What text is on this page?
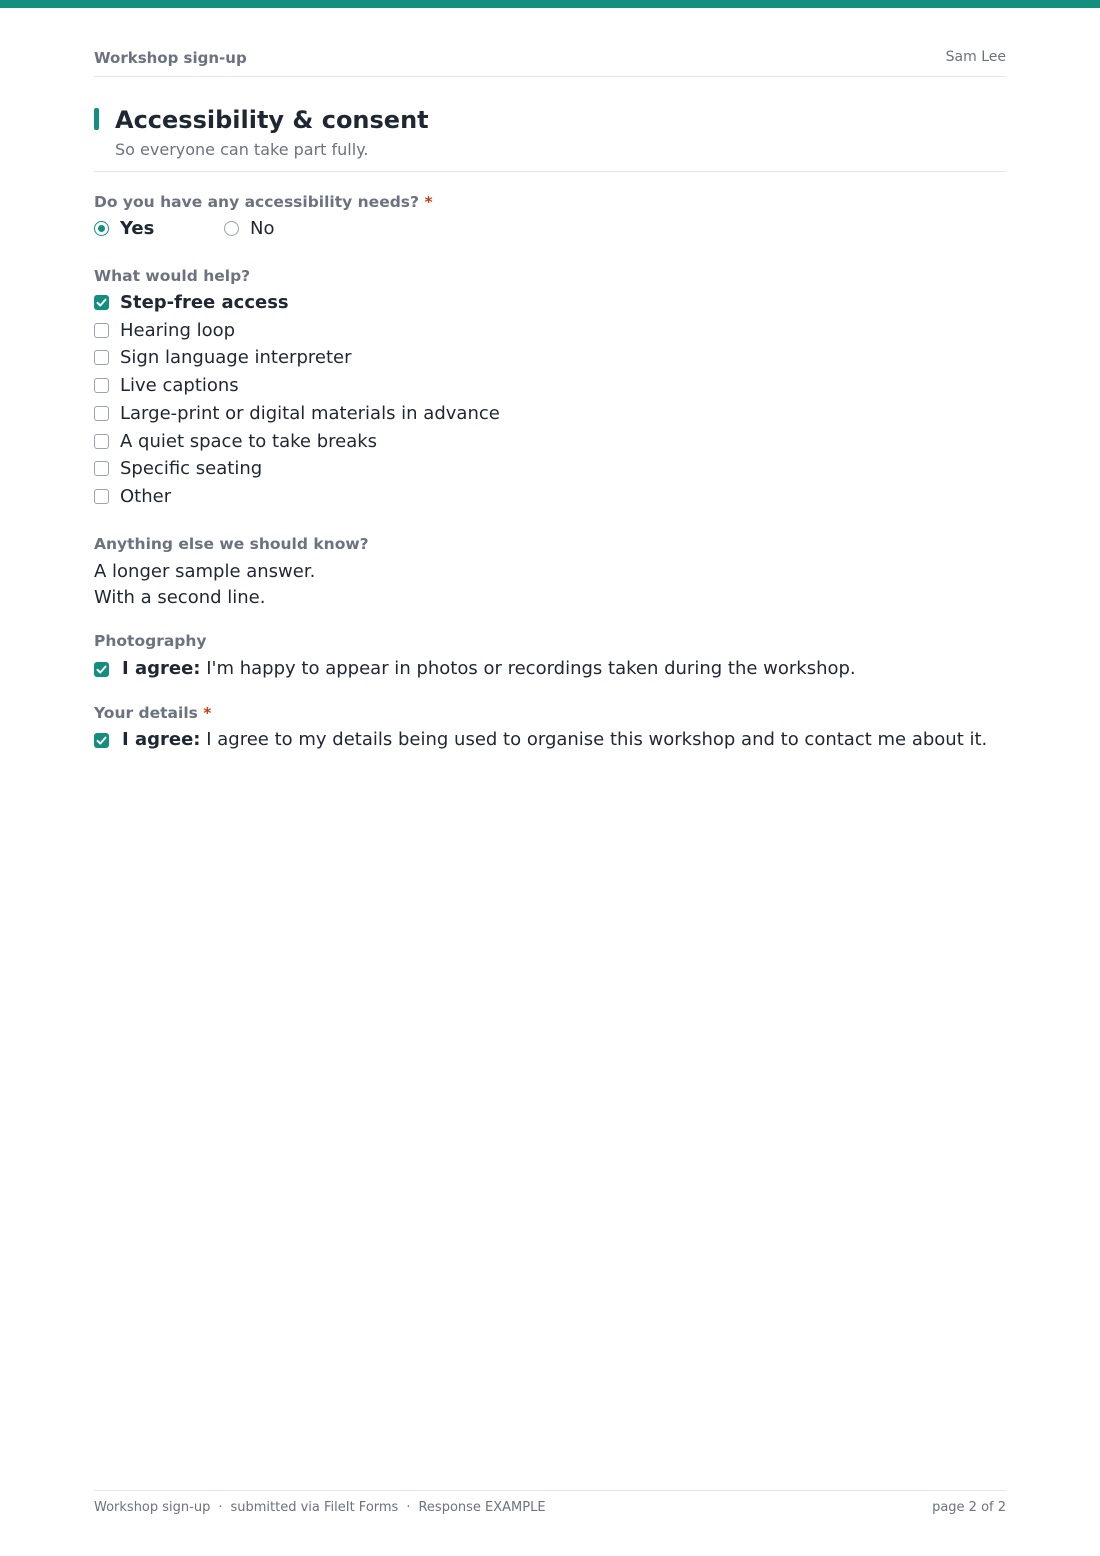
Workshop sign-up	Sam Lee
Accessibility & consent
So everyone can take part fully.
Do you have any accessibility needs? *
Yes	No
What would help?
Step-free access
Hearing loop
Sign language interpreter
Live captions
Large-print or digital materials in advance
A quiet space to take breaks
Specific seating
Other
Anything else we should know?
A longer sample answer.
With a second line.
Photography
I agree: I'm happy to appear in photos or recordings taken during the workshop.
Your details *
I agree: I agree to my details being used to organise this workshop and to contact me about it.
Workshop sign-up · submitted via FileIt Forms · Response EXAMPLE	page 2 of 2
